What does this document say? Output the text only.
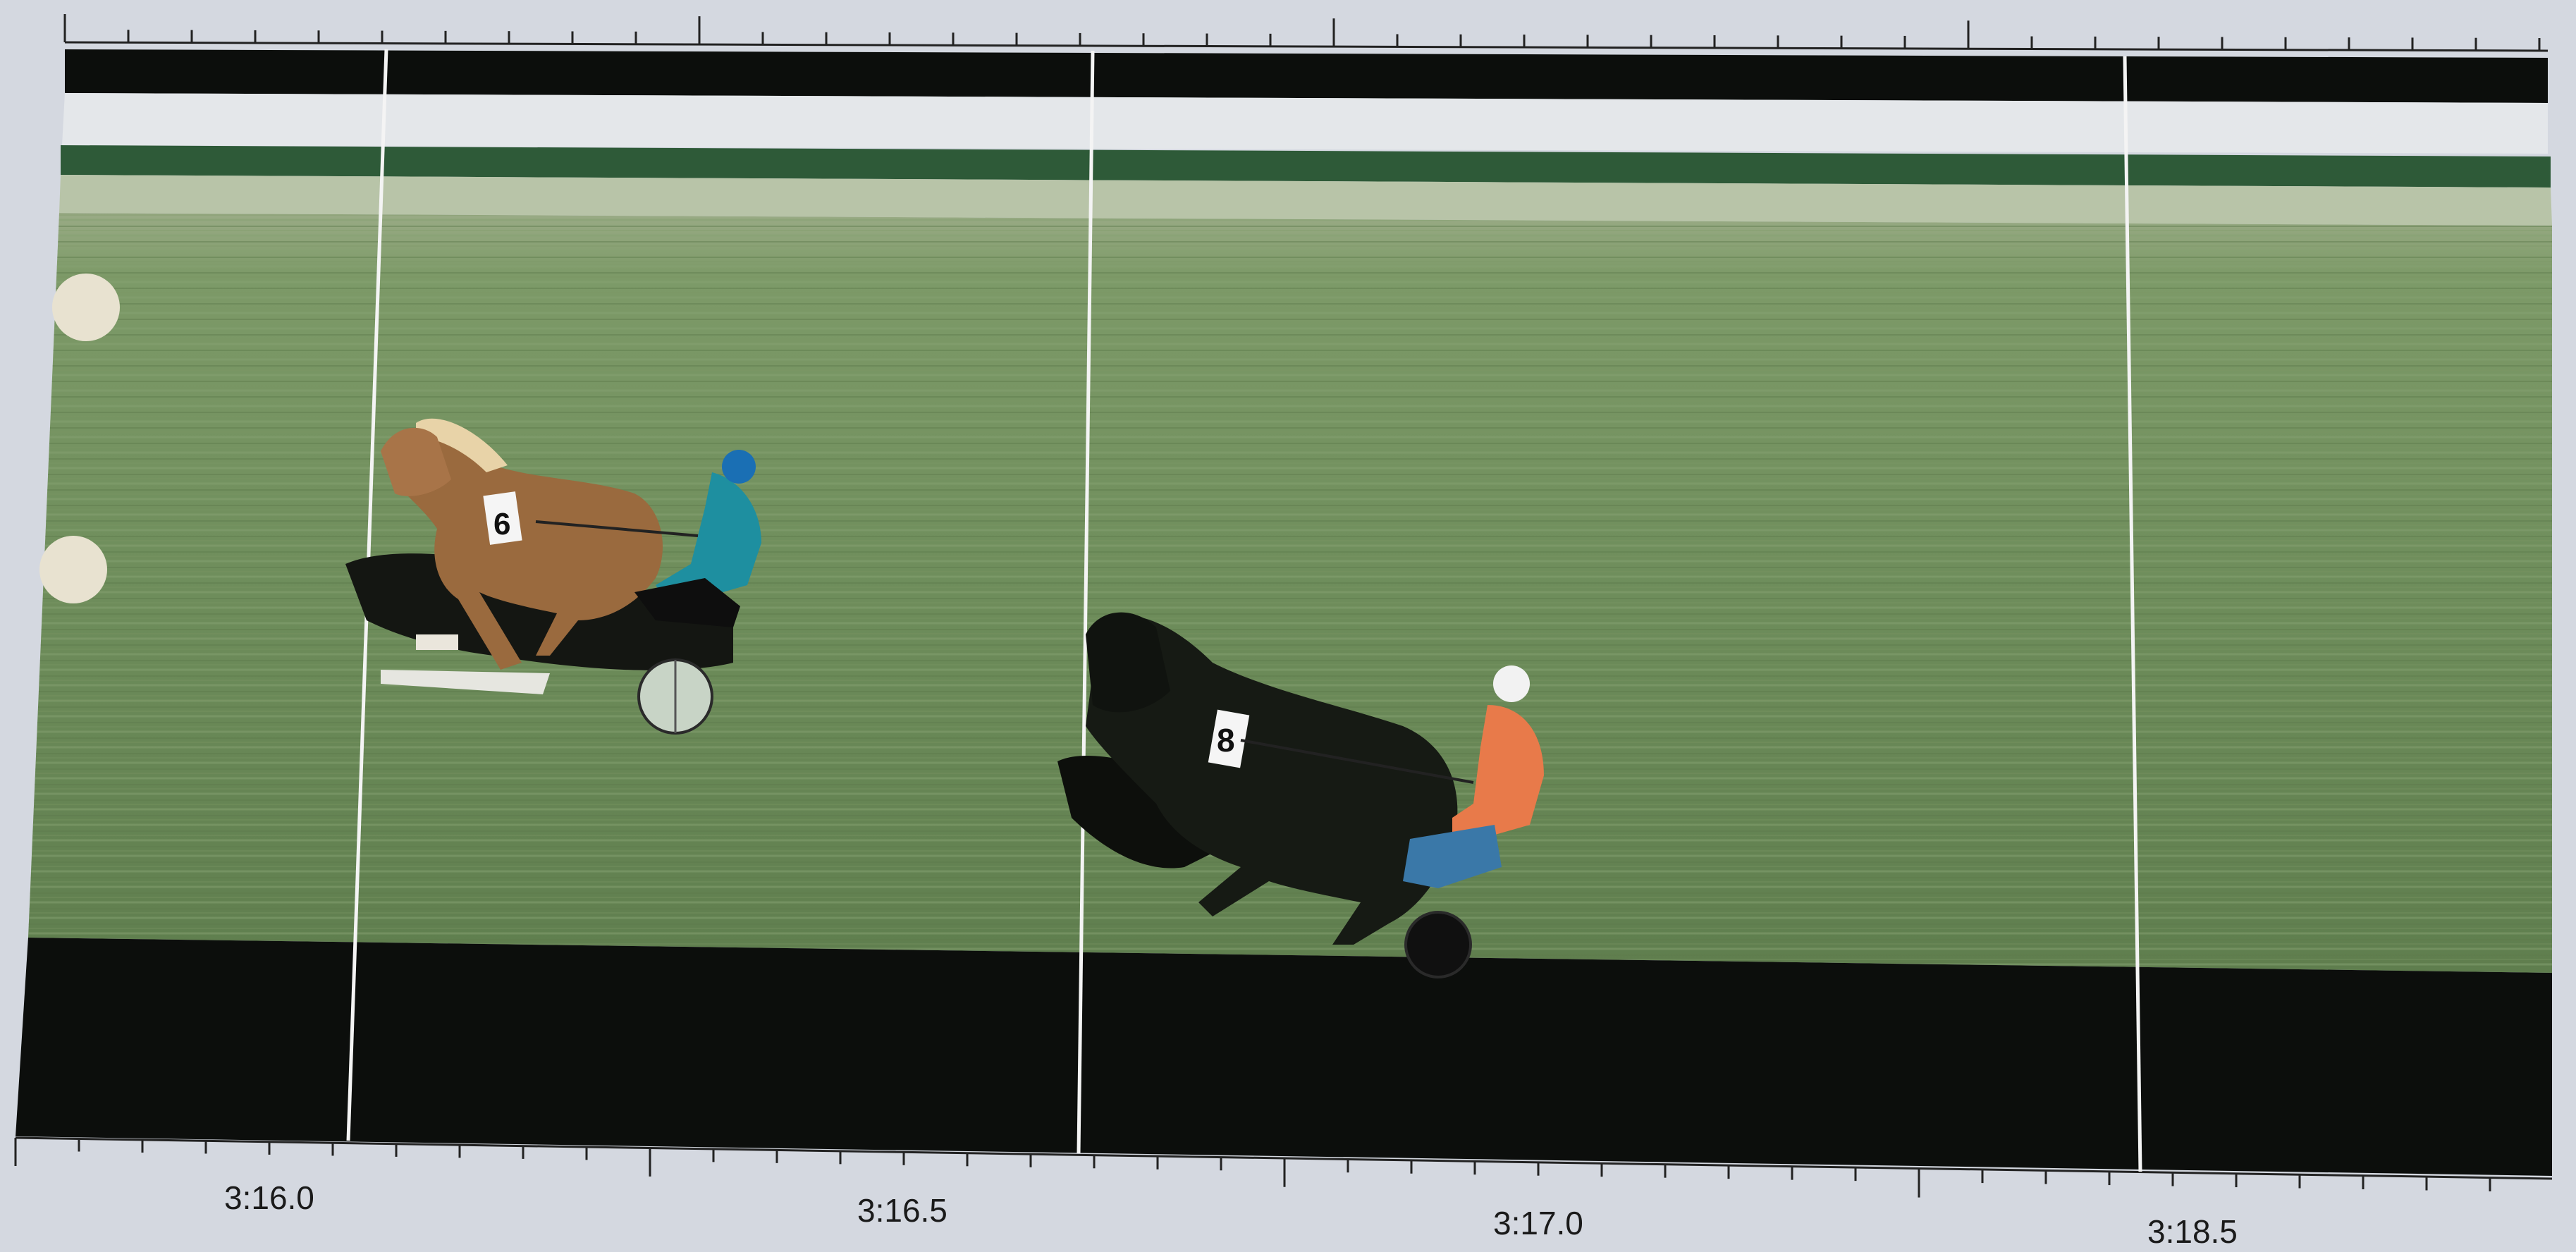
6
8
3:16.0	3:16.5	3:17.0	3:18.5
